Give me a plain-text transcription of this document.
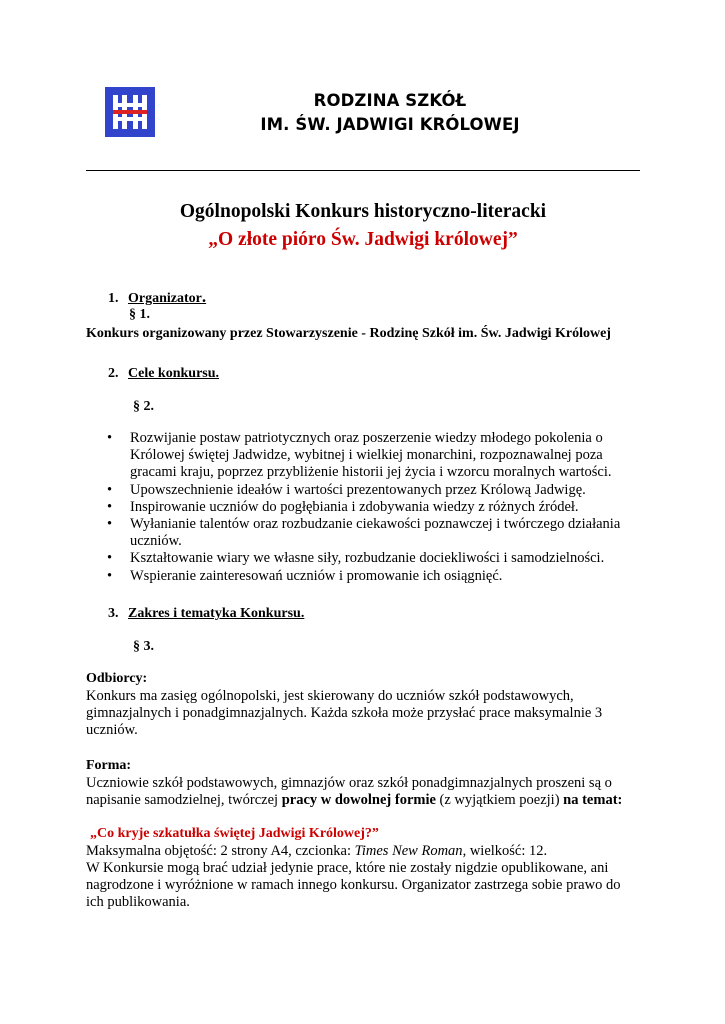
RODZINA SZKÓŁ
IM. ŚW. JADWIGI KRÓLOWEJ
Ogólnopolski Konkurs historyczno-literacki
„O złote pióro Św. Jadwigi królowej”
1. Organizator.
§ 1.
Konkurs organizowany przez Stowarzyszenie - Rodzinę Szkół im. Św. Jadwigi Królowej
2. Cele konkursu.
§ 2.
• Rozwijanie postaw patriotycznych oraz poszerzenie wiedzy młodego pokolenia o Królowej świętej Jadwidze, wybitnej i wielkiej monarchini, rozpoznawalnej poza gracami kraju, poprzez przybliżenie historii jej życia i wzorcu moralnych wartości.
• Upowszechnienie ideałów i wartości prezentowanych przez Królową Jadwigę.
• Inspirowanie uczniów do pogłębiania i zdobywania wiedzy z różnych źródeł.
• Wyłanianie talentów oraz rozbudzanie ciekawości poznawczej i twórczego działania uczniów.
• Kształtowanie wiary we własne siły, rozbudzanie dociekliwości i samodzielności.
• Wspieranie zainteresowań uczniów i promowanie ich osiągnięć.
3. Zakres i tematyka Konkursu.
§ 3.
Odbiorcy:
Konkurs ma zasięg ogólnopolski, jest skierowany do uczniów szkół podstawowych, gimnazjalnych i ponadgimnazjalnych. Każda szkoła może przysłać prace maksymalnie 3 uczniów.
Forma:
Uczniowie szkół podstawowych, gimnazjów oraz szkół ponadgimnazjalnych proszeni są o napisanie samodzielnej, twórczej pracy w dowolnej formie (z wyjątkiem poezji) na temat:
„Co kryje szkatułka świętej Jadwigi Królowej?”
Maksymalna objętość: 2 strony A4, czcionka: Times New Roman, wielkość: 12.
W Konkursie mogą brać udział jedynie prace, które nie zostały nigdzie opublikowane, ani nagrodzone i wyróżnione w ramach innego konkursu. Organizator zastrzega sobie prawo do ich publikowania.
